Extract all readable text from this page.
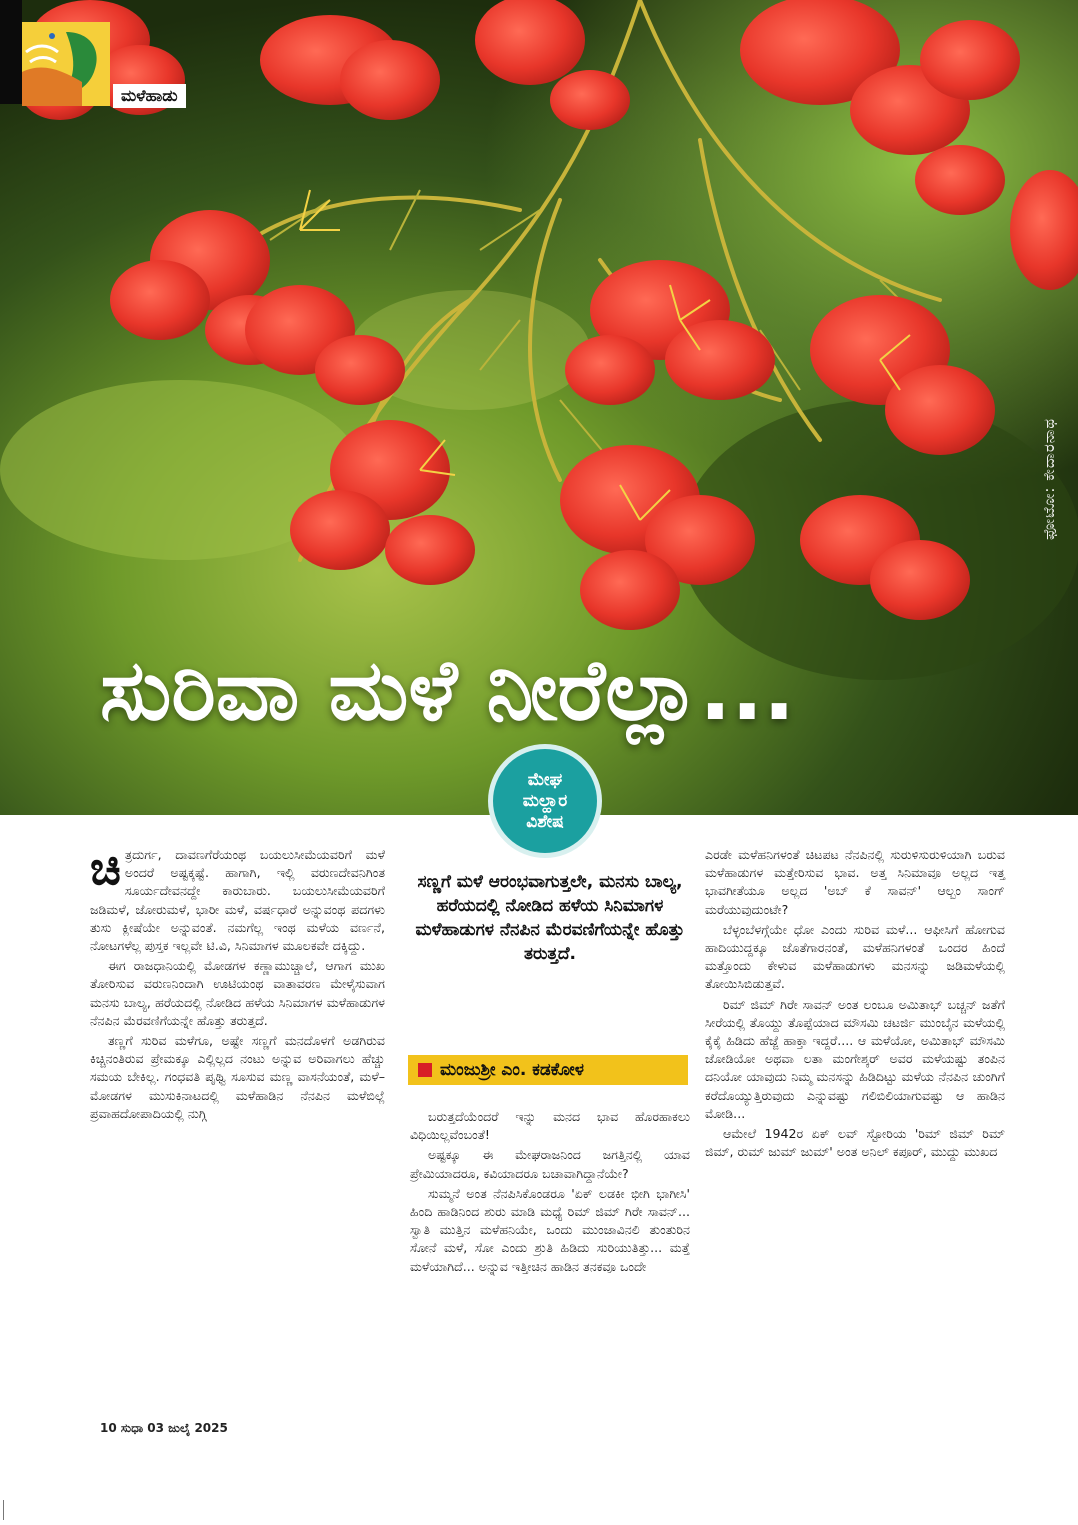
ಫೋಟೋ: ಕೇದಾರನಾಥ
ಸುರಿವಾ ಮಳೆ ನೀರೆಲ್ಲಾ...
ಮಳೆಹಾಡು
ಮೇಘ
ಮಲ್ಹಾರ
ವಿಶೇಷ

ಚಿತ್ರದುರ್ಗ, ದಾವಣಗೆರೆಯಂಥ ಬಯಲುಸೀಮೆಯವರಿಗೆ ಮಳೆ ಅಂದರೆ ಅಷ್ಟಕ್ಕಷ್ಟೆ. ಹಾಗಾಗಿ, ಇಲ್ಲಿ ವರುಣದೇವನಿಗಿಂತ ಸೂರ್ಯದೇವನದ್ದೇ ಕಾರುಬಾರು. ಬಯಲುಸೀಮೆಯವರಿಗೆ ಜಡಿಮಳೆ, ಜೋರುಮಳೆ, ಭಾರೀ ಮಳೆ, ವರ್ಷಧಾರೆ ಅನ್ನುವಂಥ ಪದಗಳು ತುಸು ಕ್ಲೀಷೆಯೇ ಅನ್ನುವಂತೆ. ನಮಗೆಲ್ಲ ಇಂಥ ಮಳೆಯ ವರ್ಣನೆ, ನೋಟಗಳೆಲ್ಲ ಪುಸ್ತಕ ಇಲ್ಲವೇ ಟಿ.ವಿ, ಸಿನಿಮಾಗಳ ಮೂಲಕವೇ ದಕ್ಕಿದ್ದು.

ಈಗ ರಾಜಧಾನಿಯಲ್ಲಿ ಮೋಡಗಳ ಕಣ್ಣಾಮುಚ್ಚಾಲೆ, ಆಗಾಗ ಮುಖ ತೋರಿಸುವ ವರುಣನಿಂದಾಗಿ ಊಟಿಯಂಥ ವಾತಾವರಣ ಮೇಳೈಸುವಾಗ ಮನಸು ಬಾಲ್ಯ, ಹರೆಯದಲ್ಲಿ ನೋಡಿದ ಹಳೆಯ ಸಿನಿಮಾಗಳ ಮಳೆಹಾಡುಗಳ ನೆನಪಿನ ಮೆರವಣಿಗೆಯನ್ನೇ ಹೊತ್ತು ತರುತ್ತದೆ.

ತಣ್ಣಗೆ ಸುರಿವ ಮಳೆಗೂ, ಅಷ್ಟೇ ಸಣ್ಣಗೆ ಮನದೊಳಗೆ ಅಡಗಿರುವ ಕಿಚ್ಚಿನಂತಿರುವ ಪ್ರೇಮಕ್ಕೂ ಎಲ್ಲಿಲ್ಲದ ನಂಟು ಅನ್ನುವ ಅರಿವಾಗಲು ಹೆಚ್ಚು ಸಮಯ ಬೇಕಿಲ್ಲ. ಗಂಧವತಿ ಪೃಥ್ವಿ ಸೂಸುವ ಮಣ್ಣ ವಾಸನೆಯಂತೆ, ಮಳೆ–ಮೋಡಗಳ ಮುಸುಕಿನಾಟದಲ್ಲಿ ಮಳೆಹಾಡಿನ ನೆನಪಿನ ಮಳೆಬಿಲ್ಲೆ ಪ್ರವಾಹದೋಪಾದಿಯಲ್ಲಿ ನುಗ್ಗಿ

ಸಣ್ಣಗೆ ಮಳೆ ಆರಂಭವಾಗುತ್ತಲೇ, ಮನಸು ಬಾಲ್ಯ, ಹರೆಯದಲ್ಲಿ ನೋಡಿದ ಹಳೆಯ ಸಿನಿಮಾಗಳ ಮಳೆಹಾಡುಗಳ ನೆನಪಿನ ಮೆರವಣಿಗೆಯನ್ನೇ ಹೊತ್ತು ತರುತ್ತದೆ.
ಮಂಜುಶ್ರೀ ಎಂ. ಕಡಕೋಳ

ಬರುತ್ತದೆಯೆಂದರೆ ಇನ್ನು ಮನದ ಭಾವ ಹೊರಹಾಕಲು ವಿಧಿಯಿಲ್ಲವೆಂಬಂತೆ!

ಅಷ್ಟಕ್ಕೂ ಈ ಮೇಘರಾಜನಿಂದ ಜಗತ್ತಿನಲ್ಲಿ ಯಾವ ಪ್ರೇಮಿಯಾದರೂ, ಕವಿಯಾದರೂ ಬಚಾವಾಗಿದ್ದಾನೆಯೇ?

ಸುಮ್ಮನೆ ಅಂತ ನೆನಪಿಸಿಕೊಂಡರೂ 'ಏಕ್ ಲಡಕೀ ಭೀಗಿ ಭಾಗೀಸಿ' ಹಿಂದಿ ಹಾಡಿನಿಂದ ಶುರು ಮಾಡಿ ಮಧ್ಯೆ ರಿಮ್ ಜಿಮ್ ಗಿರೇ ಸಾವನ್... ಸ್ವಾತಿ ಮುತ್ತಿನ ಮಳೆಹನಿಯೇ, ಒಂದು ಮುಂಜಾವಿನಲಿ ತುಂತುರಿನ ಸೋನೆ ಮಳೆ, ಸೋ ಎಂದು ಶ್ರುತಿ ಹಿಡಿದು ಸುರಿಯುತಿತ್ತು... ಮತ್ತೆ ಮಳೆಯಾಗಿದೆ... ಅನ್ನುವ ಇತ್ತೀಚಿನ ಹಾಡಿನ ತನಕವೂ ಒಂದೇ

ಎರಡೇ ಮಳೆಹನಿಗಳಂತೆ ಚಿಟಪಟ ನೆನಪಿನಲ್ಲಿ ಸುರುಳಿಸುರುಳಿಯಾಗಿ ಬರುವ ಮಳೆಹಾಡುಗಳ ಮತ್ತೇರಿಸುವ ಭಾವ. ಅತ್ತ ಸಿನಿಮಾವೂ ಅಲ್ಲದ ಇತ್ತ ಭಾವಗೀತೆಯೂ ಅಲ್ಲದ 'ಅಬ್ ಕೆ ಸಾವನ್' ಆಲ್ಬಂ ಸಾಂಗ್ ಮರೆಯುವುದುಂಟೇ?

ಬೆಳ್ಳಂಬೆಳಗ್ಗೆಯೇ ಧೋ ಎಂದು ಸುರಿವ ಮಳೆ... ಆಫೀಸಿಗೆ ಹೋಗುವ ಹಾದಿಯುದ್ದಕ್ಕೂ ಜೊತೆಗಾರನಂತೆ, ಮಳೆಹನಿಗಳಂತೆ ಒಂದರ ಹಿಂದೆ ಮತ್ತೊಂದು ಕೇಳುವ ಮಳೆಹಾಡುಗಳು ಮನಸನ್ನು ಜಡಿಮಳೆಯಲ್ಲಿ ತೋಯಿಸಿಬಿಡುತ್ತವೆ.

ರಿಮ್ ಜಿಮ್ ಗಿರೇ ಸಾವನ್ ಅಂತ ಲಂಬೂ ಅಮಿತಾಭ್ ಬಚ್ಚನ್ ಜತೆಗೆ ಸೀರೆಯಲ್ಲಿ ತೊಯ್ದು ತೊಪ್ಪೆಯಾದ ಮೌಸಮಿ ಚಟರ್ಜಿ ಮುಂಬೈನ ಮಳೆಯಲ್ಲಿ ಕೈಕೈ ಹಿಡಿದು ಹೆಜ್ಜೆ ಹಾಕ್ತಾ ಇದ್ದರೆ.... ಆ ಮಳೆಯೋ, ಅಮಿತಾಭ್ ಮೌಸಮಿ ಜೋಡಿಯೋ ಅಥವಾ ಲತಾ ಮಂಗೇಶ್ಕರ್ ಅವರ ಮಳೆಯಷ್ಟು ತಂಪಿನ ದನಿಯೋ ಯಾವುದು ನಿಮ್ಮ ಮನಸನ್ನು ಹಿಡಿದಿಟ್ಟು ಮಳೆಯ ನೆನಪಿನ ಚುಂಗಿಗೆ ಕರೆದೊಯ್ಯುತ್ತಿರುವುದು ಎನ್ನುವಷ್ಟು ಗಲಿಬಿಲಿಯಾಗುವಷ್ಟು ಆ ಹಾಡಿನ ಮೋಡಿ...

ಆಮೇಲೆ 1942ರ ಏಕ್ ಲವ್ ಸ್ಟೋರಿಯ 'ರಿಮ್ ಜಿಮ್ ರಿಮ್ ಜಿಮ್, ರುಮ್ ಜುಮ್ ಜುಮ್' ಅಂತ ಅನಿಲ್ ಕಪೂರ್, ಮುದ್ದು ಮುಖದ

10 ಸುಧಾ 03 ಜುಲೈ 2025
